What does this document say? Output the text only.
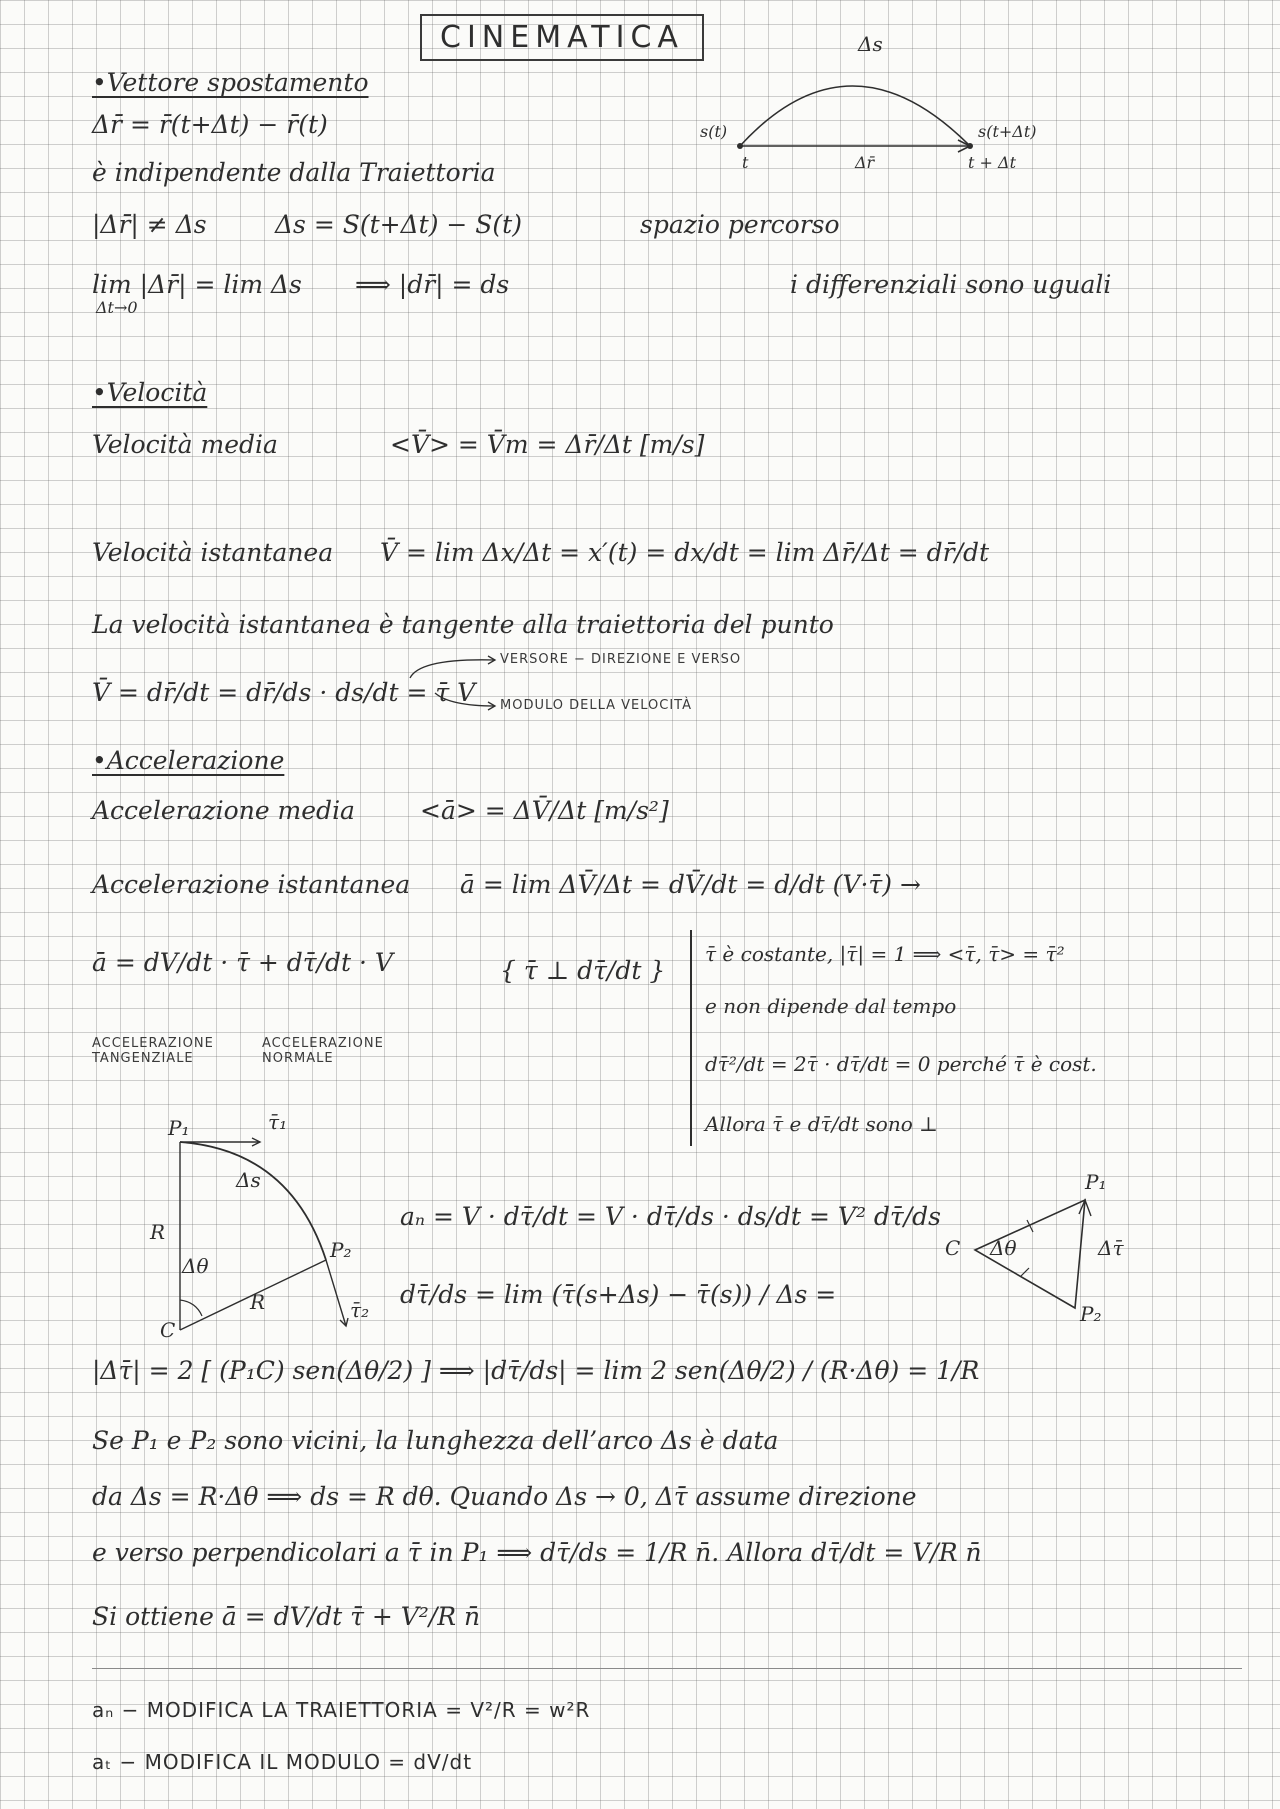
CINEMATICA
•Vettore spostamento
Δr̄ = r̄(t+Δt) − r̄(t)
è indipendente dalla Traiettoria
|Δr̄| ≠ Δs	Δs = S(t+Δt) − S(t)	spazio percorso
lim |Δr̄| = lim Δs
Δt→0
⟹ |dr̄| = ds	i differenziali sono uguali
Δs
s(t)
t	Δr̄
s(t+Δt)
t + Δt
•Velocità
Velocità media	<V̄> = V̄m = Δr̄/Δt [m/s]
Velocità istantanea V̄ = lim Δx/Δt = x′(t) = dx/dt = lim Δr̄/Δt = dr̄/dt
La velocità istantanea è tangente alla traiettoria del punto
V̄ = dr̄/dt = dr̄/ds · ds/dt = τ̄ V
VERSORE − DIREZIONE E VERSO
MODULO DELLA VELOCITÀ
•Accelerazione
Accelerazione media	<ā> = ΔV̄/Δt [m/s²]
Accelerazione istantanea ā = lim ΔV̄/Δt = dV̄/dt = d/dt (V·τ̄) →
ā = dV/dt · τ̄ + dτ̄/dt · V
ACCELERAZIONE TANGENZIALE
ACCELERAZIONE NORMALE
{ τ̄ ⊥ dτ̄/dt }
τ̄ è costante, |τ̄| = 1 ⟹ <τ̄, τ̄> = τ̄²
e non dipende dal tempo
dτ̄²/dt = 2τ̄ · dτ̄/dt = 0 perché τ̄ è cost.
Allora τ̄ e dτ̄/dt sono ⊥
P₁	τ̄₁
Δs
R
Δθ
R
P₂
τ̄₂
C
aₙ = V · dτ̄/dt = V · dτ̄/ds · ds/dt = V² dτ̄/ds
dτ̄/ds = lim (τ̄(s+Δs) − τ̄(s)) / Δs =
P₁
P₂
C Δθ	Δτ̄
|Δτ̄| = 2 [ (P₁C) sen(Δθ/2) ] ⟹ |dτ̄/ds| = lim 2 sen(Δθ/2) / (R·Δθ) = 1/R
Se P₁ e P₂ sono vicini, la lunghezza dell’arco Δs è data
da Δs = R·Δθ ⟹ ds = R dθ. Quando Δs → 0, Δτ̄ assume direzione
e verso perpendicolari a τ̄ in P₁ ⟹ dτ̄/ds = 1/R n̄. Allora dτ̄/dt = V/R n̄
Si ottiene ā = dV/dt τ̄ + V²/R n̄
aₙ − MODIFICA LA TRAIETTORIA = V²/R = w²R
aₜ − MODIFICA IL MODULO = dV/dt
